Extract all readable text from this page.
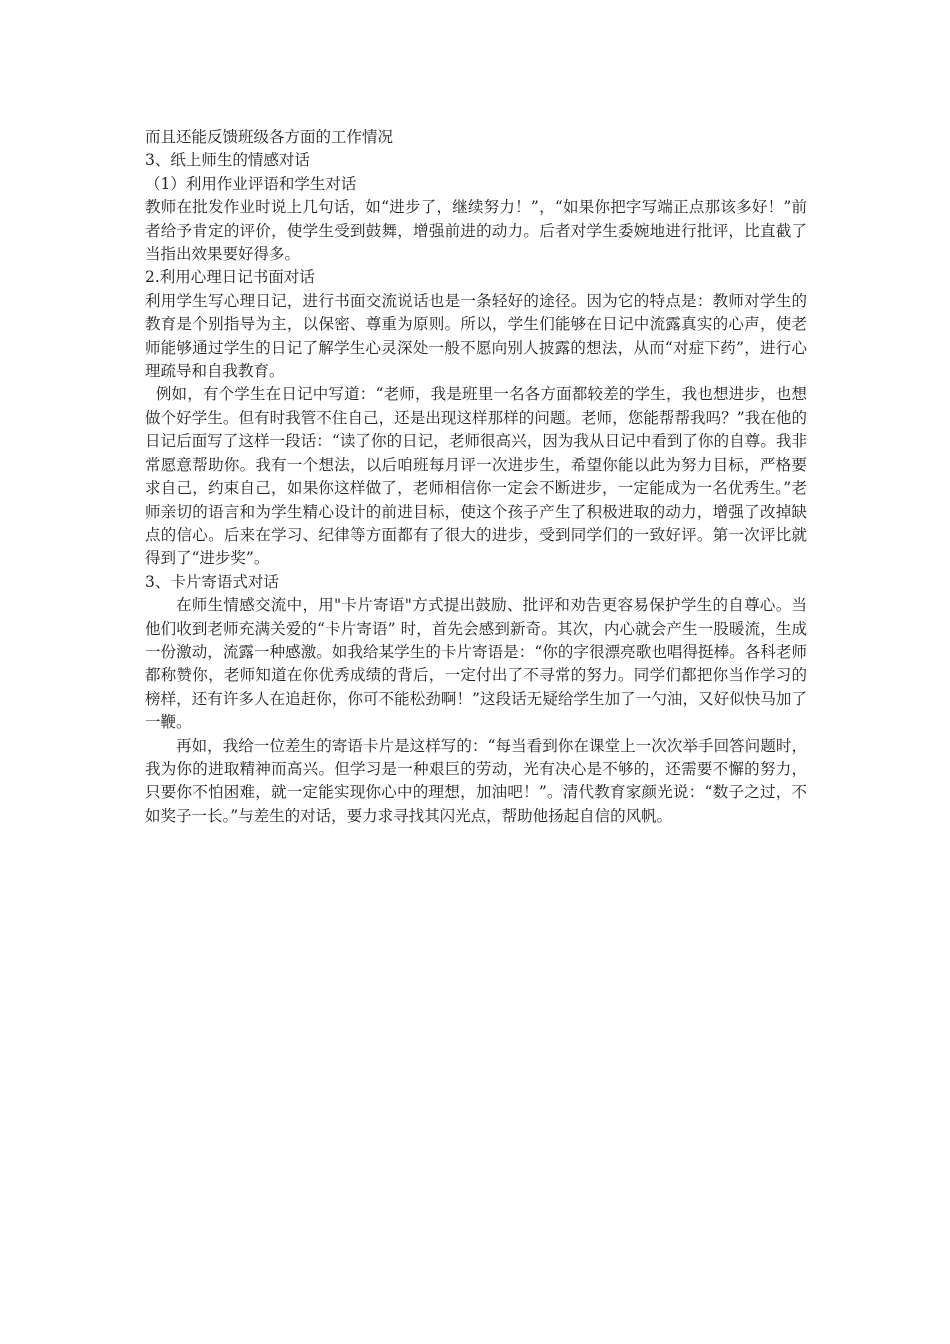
而且还能反馈班级各方面的工作情况

3、纸上师生的情感对话

（1）利用作业评语和学生对话

教师在批发作业时说上几句话，如“进步了，继续努力！”，“如果你把字写端正点那该多好！”前者给予肯定的评价，使学生受到鼓舞，增强前进的动力。后者对学生委婉地进行批评，比直截了当指出效果要好得多。

2.利用心理日记书面对话

利用学生写心理日记，进行书面交流说话也是一条轻好的途径。因为它的特点是：教师对学生的教育是个别指导为主，以保密、尊重为原则。所以，学生们能够在日记中流露真实的心声，使老师能够通过学生的日记了解学生心灵深处一般不愿向别人披露的想法，从而“对症下药”，进行心理疏导和自我教育。

例如，有个学生在日记中写道：“老师，我是班里一名各方面都较差的学生，我也想进步，也想做个好学生。但有时我管不住自己，还是出现这样那样的问题。老师，您能帮帮我吗？”我在他的日记后面写了这样一段话：“读了你的日记，老师很高兴，因为我从日记中看到了你的自尊。我非常愿意帮助你。我有一个想法，以后咱班每月评一次进步生，希望你能以此为努力目标，严格要求自己，约束自己，如果你这样做了，老师相信你一定会不断进步，一定能成为一名优秀生。”老师亲切的语言和为学生精心设计的前进目标，使这个孩子产生了积极进取的动力，增强了改掉缺点的信心。后来在学习、纪律等方面都有了很大的进步，受到同学们的一致好评。第一次评比就得到了“进步奖”。

3、卡片寄语式对话

在师生情感交流中，用"卡片寄语"方式提出鼓励、批评和劝告更容易保护学生的自尊心。当他们收到老师充满关爱的“卡片寄语” 时，首先会感到新奇。其次，内心就会产生一股暖流，生成一份激动，流露一种感激。如我给某学生的卡片寄语是：“你的字很漂亮歌也唱得挺棒。各科老师都称赞你，老师知道在你优秀成绩的背后，一定付出了不寻常的努力。同学们都把你当作学习的榜样，还有许多人在追赶你，你可不能松劲啊！”这段话无疑给学生加了一勺油，又好似快马加了一鞭。

再如，我给一位差生的寄语卡片是这样写的：“每当看到你在课堂上一次次举手回答问题时，我为你的进取精神而高兴。但学习是一种艰巨的劳动，光有决心是不够的，还需要不懈的努力，只要你不怕困难，就一定能实现你心中的理想，加油吧！”。清代教育家颜光说：“数子之过，不如奖子一长。”与差生的对话，要力求寻找其闪光点，帮助他扬起自信的风帆。
